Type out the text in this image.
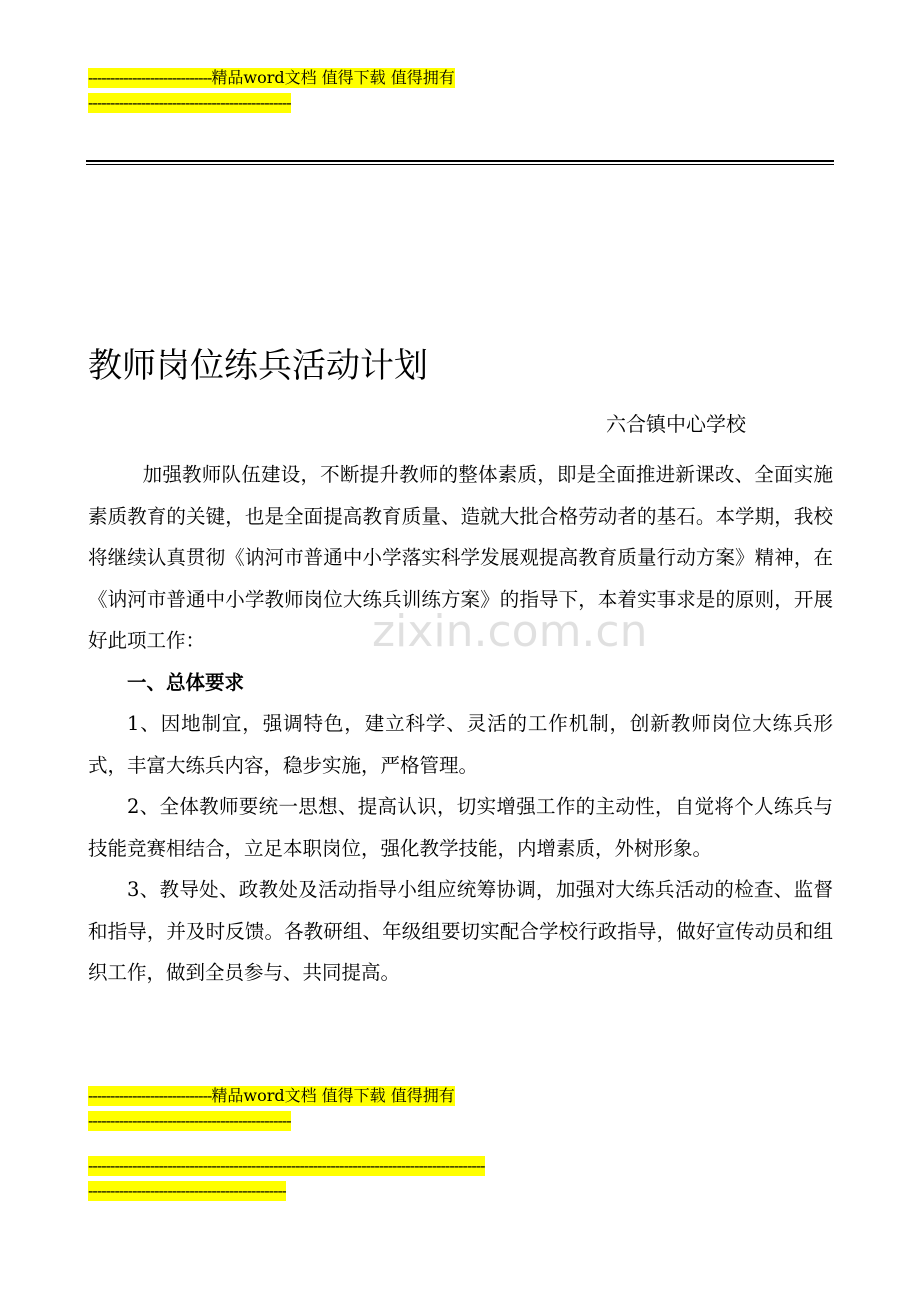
----------------------------精品word文档 值得下载 值得拥有
----------------------------------------------
教师岗位练兵活动计划
六合镇中心学校

加强教师队伍建设，不断提升教师的整体素质，即是全面推进新课改、全面实施素质教育的关键，也是全面提高教育质量、造就大批合格劳动者的基石。本学期，我校将继续认真贯彻《讷河市普通中小学落实科学发展观提高教育质量行动方案》精神，在《讷河市普通中小学教师岗位大练兵训练方案》的指导下，本着实事求是的原则，开展好此项工作：

一、总体要求

1、因地制宜，强调特色，建立科学、灵活的工作机制，创新教师岗位大练兵形式，丰富大练兵内容，稳步实施，严格管理。

2、全体教师要统一思想、提高认识，切实增强工作的主动性，自觉将个人练兵与技能竞赛相结合，立足本职岗位，强化教学技能，内增素质，外树形象。

3、教导处、政教处及活动指导小组应统筹协调，加强对大练兵活动的检查、监督和指导，并及时反馈。各教研组、年级组要切实配合学校行政指导，做好宣传动员和组织工作，做到全员参与、共同提高。

zixin.com.cn
----------------------------精品word文档 值得下载 值得拥有
----------------------------------------------
------------------------------------------------------------------------------------------
---------------------------------------------
